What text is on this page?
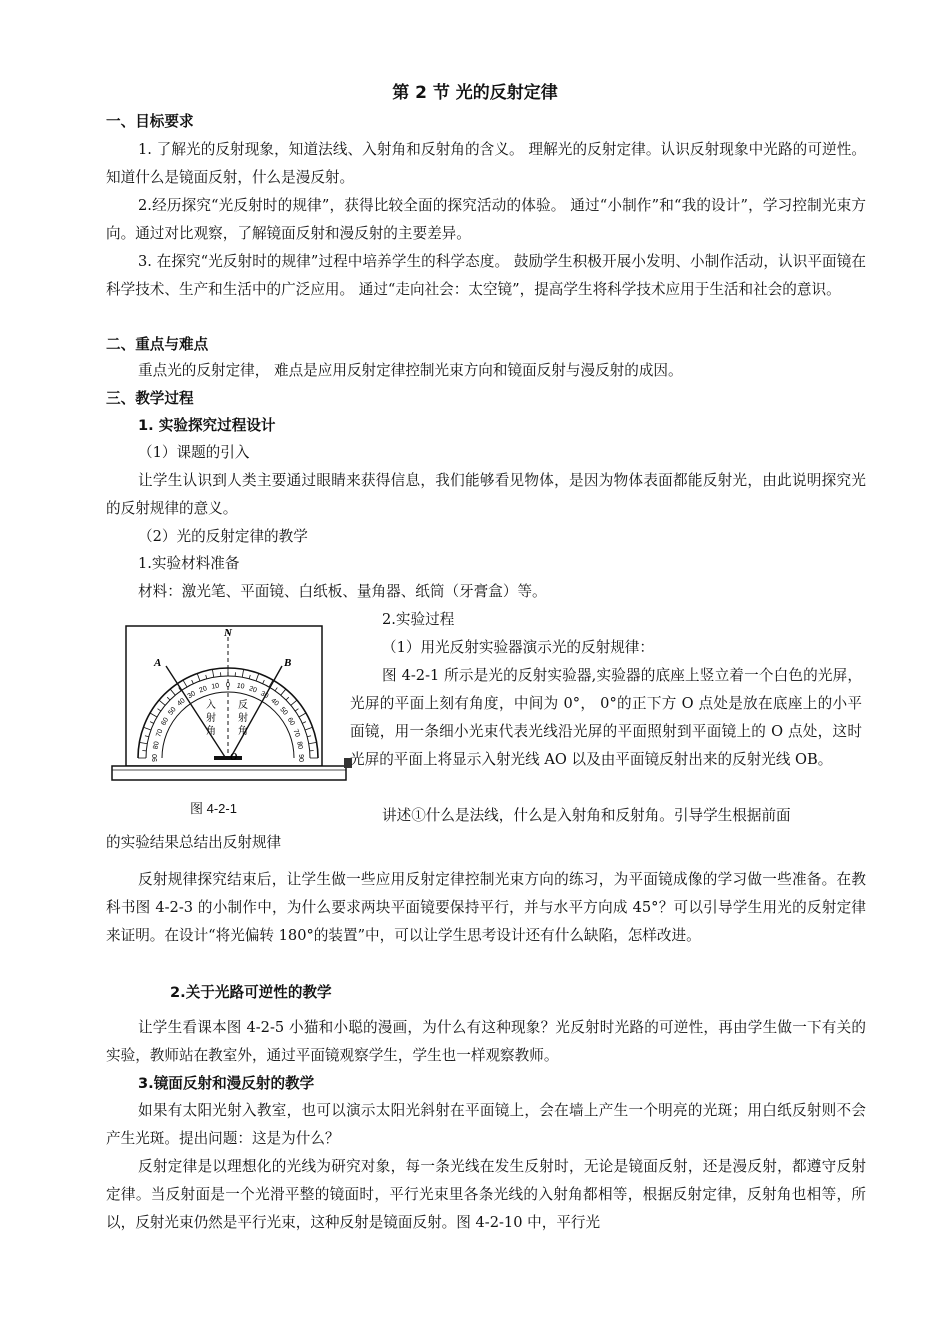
第 2 节 光的反射定律

一、目标要求

1. 了解光的反射现象，知道法线、入射角和反射角的含义。 理解光的反射定律。认识反射现象中光路的可逆性。 知道什么是镜面反射，什么是漫反射。

2.经历探究“光反射时的规律”，获得比较全面的探究活动的体验。 通过“小制作”和“我的设计”，学习控制光束方向。通过对比观察，了解镜面反射和漫反射的主要差异。

3. 在探究“光反射时的规律”过程中培养学生的科学态度。 鼓励学生积极开展小发明、小制作活动，认识平面镜在科学技术、生产和生活中的广泛应用。 通过“走向社会：太空镜”，提高学生将科学技术应用于生活和社会的意识。

二、重点与难点

重点光的反射定律， 难点是应用反射定律控制光束方向和镜面反射与漫反射的成因。

三、教学过程

1. 实验探究过程设计

（1）课题的引入

让学生认识到人类主要通过眼睛来获得信息，我们能够看见物体，是因为物体表面都能反射光，由此说明探究光的反射规律的意义。

（2）光的反射定律的教学

1.实验材料准备

材料：激光笔、平面镜、白纸板、量角器、纸筒（牙膏盒）等。

N
A	B
O
入
射
角
反
射
角
90
80
70
60
50
40
30
20 10 0 10 20
30
40
50
60
70
80
90
图 4-2-1

2.实验过程

（1）用光反射实验器演示光的反射规律：

图 4-2-1 所示是光的反射实验器,实验器的底座上竖立着一个白色的光屏，光屏的平面上刻有角度，中间为 0°， 0°的正下方 O 点处是放在底座上的小平面镜，用一条细小光束代表光线沿光屏的平面照射到平面镜上的 O 点处，这时光屏的平面上将显示入射光线 AO 以及由平面镜反射出来的反射光线 OB。

讲述①什么是法线，什么是入射角和反射角。引导学生根据前面

的实验结果总结出反射规律

反射规律探究结束后，让学生做一些应用反射定律控制光束方向的练习，为平面镜成像的学习做一些准备。在教科书图 4-2-3 的小制作中，为什么要求两块平面镜要保持平行，并与水平方向成 45°？可以引导学生用光的反射定律来证明。在设计“将光偏转 180°的装置”中，可以让学生思考设计还有什么缺陷，怎样改进。

2.关于光路可逆性的教学

让学生看课本图 4-2-5 小猫和小聪的漫画，为什么有这种现象？光反射时光路的可逆性，再由学生做一下有关的实验，教师站在教室外，通过平面镜观察学生，学生也一样观察教师。

3.镜面反射和漫反射的教学

如果有太阳光射入教室，也可以演示太阳光斜射在平面镜上，会在墙上产生一个明亮的光斑；用白纸反射则不会产生光斑。提出问题：这是为什么？

反射定律是以理想化的光线为研究对象，每一条光线在发生反射时，无论是镜面反射，还是漫反射，都遵守反射定律。当反射面是一个光滑平整的镜面时，平行光束里各条光线的入射角都相等，根据反射定律，反射角也相等，所以，反射光束仍然是平行光束，这种反射是镜面反射。图 4-2-10 中，平行光
